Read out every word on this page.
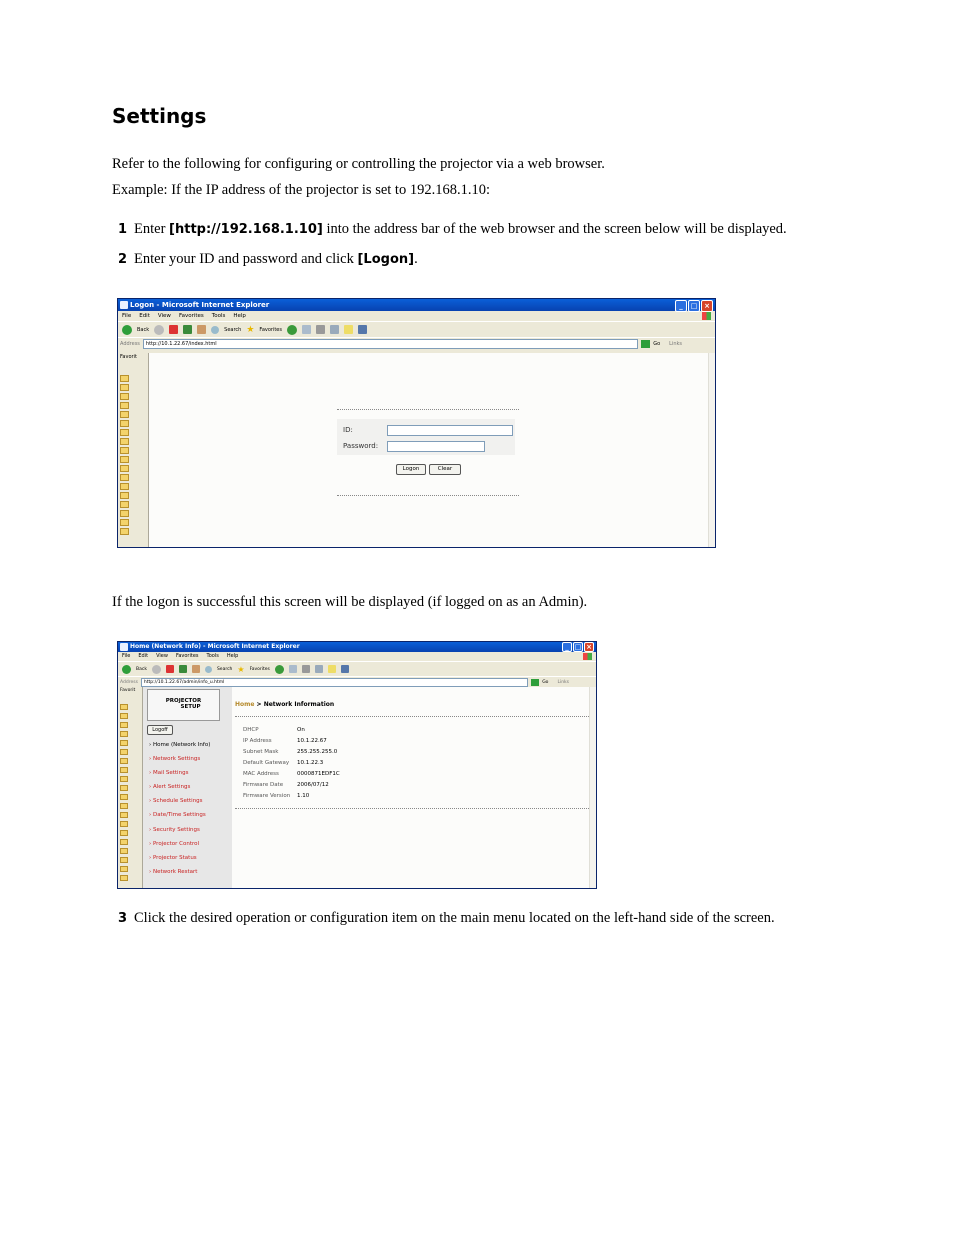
Settings
Refer to the following for configuring or controlling the projector via a web browser.
Example: If the IP address of the projector is set to 192.168.1.10:
1 Enter [http://192.168.1.10] into the address bar of the web browser and the screen below will be displayed.
2 Enter your ID and password and click [Logon].
Logon - Microsoft Internet Explorer	_	□ ×
File Edit View Favorites Tools Help
Back	Search ★ Favorites
Address	http://10.1.22.67/index.html	Go Links
Favorit
ID:
Password:
Logon	Clear
If the logon is successful this screen will be displayed (if logged on as an Admin).
Home (Network Info) - Microsoft Internet Explorer	_ □ ×
File Edit View Favorites Tools Help
Back	Search ★ Favorites
Address	http://10.1.22.67/admin/info_u.html	Go Links
Favorit
PROJECTOR
SETUP
Logoff
› Home (Network Info)
› Network Settings
› Mail Settings
› Alert Settings
› Schedule Settings
› Date/Time Settings
› Security Settings
› Projector Control
› Projector Status
› Network Restart
Home > Network Information
DHCP	On
IP Address	10.1.22.67
Subnet Mask	255.255.255.0
Default Gateway 10.1.22.3
MAC Address	0000871EDF1C
Firmware Date	2006/07/12
Firmware Version 1.10
3 Click the desired operation or configuration item on the main menu located on the left-hand side of the screen.
